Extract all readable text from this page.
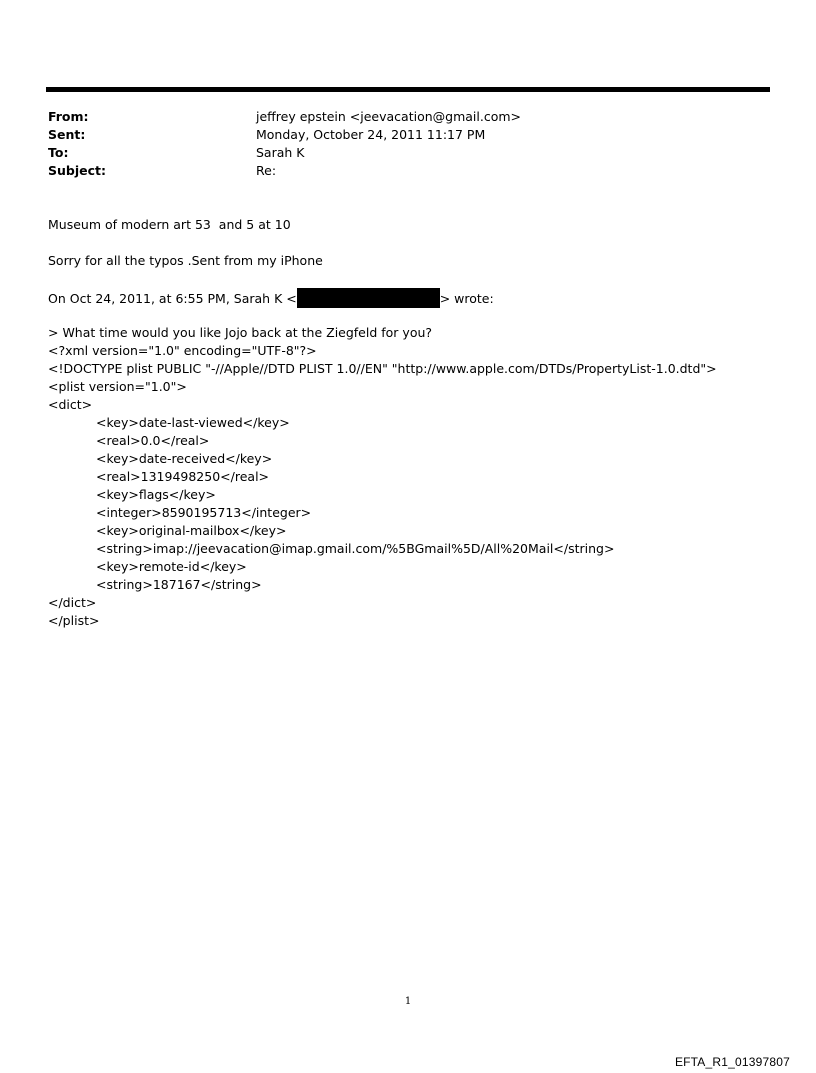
From:	jeffrey epstein <jeevacation@gmail.com>
Sent:	Monday, October 24, 2011 11:17 PM
To:	Sarah K
Subject:	Re:
Museum of modern art 53  and 5 at 10
Sorry for all the typos .Sent from my iPhone
On Oct 24, 2011, at 6:55 PM, Sarah K <	> wrote:
> What time would you like Jojo back at the Ziegfeld for you?
<?xml version="1.0" encoding="UTF-8"?>
<!DOCTYPE plist PUBLIC "-//Apple//DTD PLIST 1.0//EN" "http://www.apple.com/DTDs/PropertyList-1.0.dtd">
<plist version="1.0">
<dict>
<key>date-last-viewed</key>
<real>0.0</real>
<key>date-received</key>
<real>1319498250</real>
<key>flags</key>
<integer>8590195713</integer>
<key>original-mailbox</key>
<string>imap://jeevacation@imap.gmail.com/%5BGmail%5D/All%20Mail</string>
<key>remote-id</key>
<string>187167</string>
</dict>
</plist>
1
EFTA_R1_01397807
